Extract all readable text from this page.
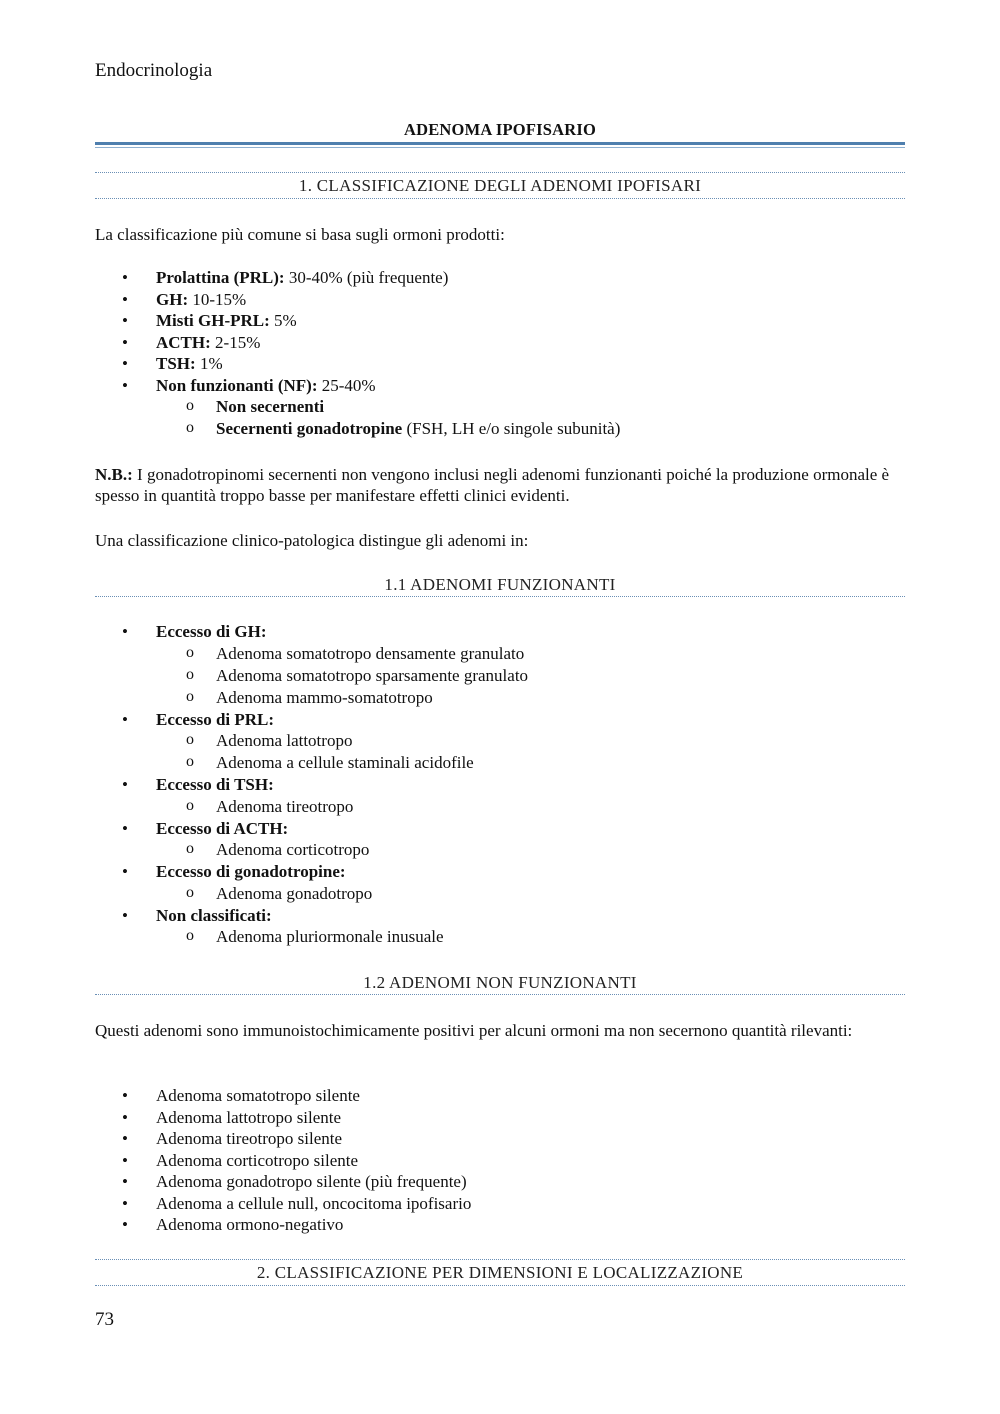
Endocrinologia
ADENOMA IPOFISARIO
1. CLASSIFICAZIONE DEGLI ADENOMI IPOFISARI
La classificazione più comune si basa sugli ormoni prodotti:
• Prolattina (PRL): 30-40% (più frequente)
• GH: 10-15%
• Misti GH-PRL: 5%
• ACTH: 2-15%
• TSH: 1%
• Non funzionanti (NF): 25-40%
o Non secernenti
o Secernenti gonadotropine (FSH, LH e/o singole subunità)
N.B.: I gonadotropinomi secernenti non vengono inclusi negli adenomi funzionanti poiché la produzione ormonale è spesso in quantità troppo basse per manifestare effetti clinici evidenti.
Una classificazione clinico-patologica distingue gli adenomi in:
1.1 ADENOMI FUNZIONANTI
• Eccesso di GH:
o Adenoma somatotropo densamente granulato
o Adenoma somatotropo sparsamente granulato
o Adenoma mammo-somatotropo
• Eccesso di PRL:
o Adenoma lattotropo
o Adenoma a cellule staminali acidofile
• Eccesso di TSH:
o Adenoma tireotropo
• Eccesso di ACTH:
o Adenoma corticotropo
• Eccesso di gonadotropine:
o Adenoma gonadotropo
• Non classificati:
o Adenoma pluriormonale inusuale
1.2 ADENOMI NON FUNZIONANTI
Questi adenomi sono immunoistochimicamente positivi per alcuni ormoni ma non secernono quantità rilevanti:
• Adenoma somatotropo silente
• Adenoma lattotropo silente
• Adenoma tireotropo silente
• Adenoma corticotropo silente
• Adenoma gonadotropo silente (più frequente)
• Adenoma a cellule null, oncocitoma ipofisario
• Adenoma ormono-negativo
2. CLASSIFICAZIONE PER DIMENSIONI E LOCALIZZAZIONE
73
